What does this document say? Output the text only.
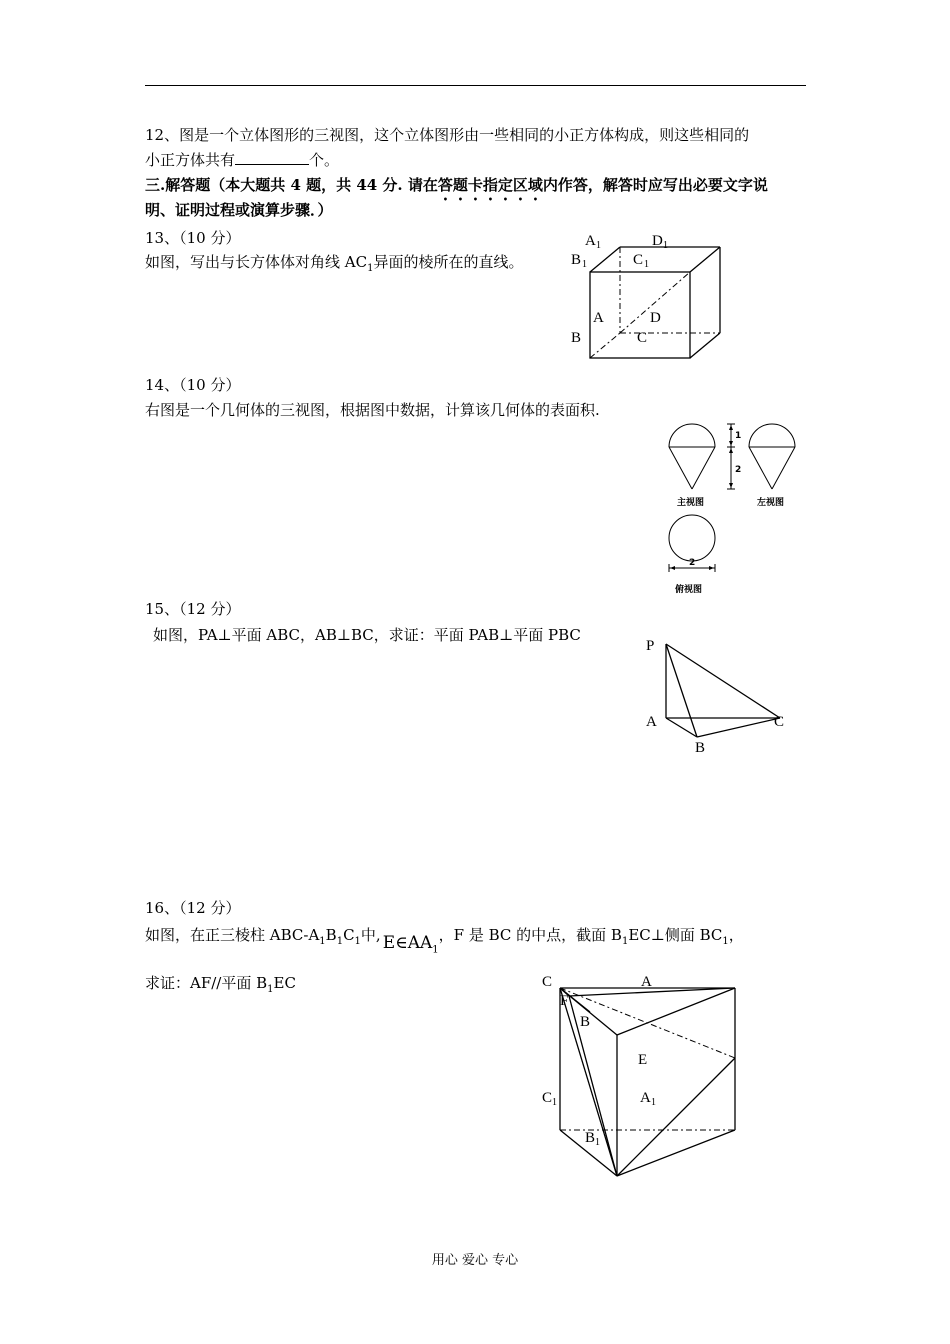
12、图是一个立体图形的三视图，这个立体图形由一些相同的小正方体构成，则这些相同的
小正方体共有	个。
三.解答题（本大题共 4 题，共 44 分. 请在答题卡指定区域内作答，解答时应写出必要文字说
明、证明过程或演算步骤．）
13、（10 分）
如图，写出与长方体体对角线 $AC_1$异面的棱所在的直线。
A 1	D 1
B 1	C 1
A	D
B	C
14、（10 分）
右图是一个几何体的三视图，根据图中数据，计算该几何体的表面积.
1
2
2
主视图	左视图
俯视图
15、（12 分）
如图，PA⊥平面 ABC，AB⊥BC，求证：平面 PAB⊥平面 PBC
P
A
B
C
16、（12 分）
如图，在正三棱柱 ABC-$A_1B_1C_1$中, $E\in AA_1$，F 是 BC 的中点，截面 $B_1EC\perp$侧面 $BC_1$，
求证：AF//平面 $B_1EC$	C	A
F
B
E
C 1	A 1
B 1
用心 爱心 专心
